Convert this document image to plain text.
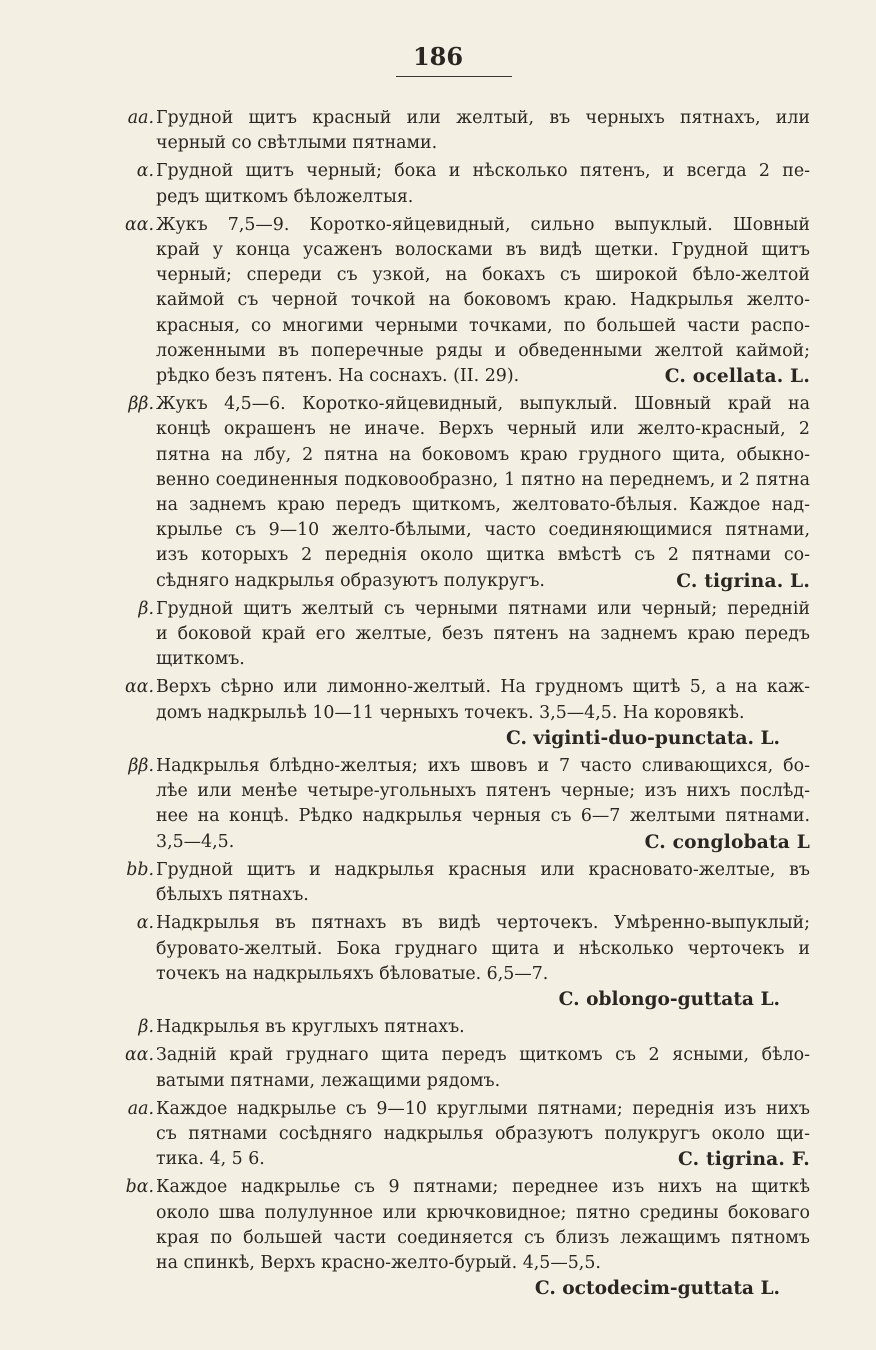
186
aa. Грудной щитъ красный или желтый, въ черныхъ пятнахъ, или
черный со свѣтлыми пятнами.
α. Грудной щитъ черный; бока и нѣсколько пятенъ, и всегда 2 пе-
редъ щиткомъ бѣложелтыя.
αα. Жукъ 7,5—9. Коротко-яйцевидный, сильно выпуклый. Шовный
край у конца усаженъ волосками въ видѣ щетки. Грудной щитъ
черный; спереди съ узкой, на бокахъ съ широкой бѣло-желтой
каймой съ черной точкой на боковомъ краю. Надкрылья желто-
красныя, со многими черными точками, по большей части распо-
ложенными въ поперечные ряды и обведенными желтой каймой;
рѣдко безъ пятенъ. На соснахъ. (II. 29).	C. ocellata. L.
ββ. Жукъ 4,5—6. Коротко-яйцевидный, выпуклый. Шовный край на
концѣ окрашенъ не иначе. Верхъ черный или желто-красный, 2
пятна на лбу, 2 пятна на боковомъ краю грудного щита, обыкно-
венно соединенныя подковообразно, 1 пятно на переднемъ, и 2 пятна
на заднемъ краю передъ щиткомъ, желтовато-бѣлыя. Каждое над-
крылье съ 9—10 желто-бѣлыми, часто соединяющимися пятнами,
изъ которыхъ 2 переднія около щитка вмѣстѣ съ 2 пятнами со-
сѣдняго надкрылья образуютъ полукругъ.	C. tigrina. L.
β. Грудной щитъ желтый съ черными пятнами или черный; передній
и боковой край его желтые, безъ пятенъ на заднемъ краю передъ
щиткомъ.
αα. Верхъ сѣрно или лимонно-желтый. На грудномъ щитѣ 5, а на каж-
домъ надкрыльѣ 10—11 черныхъ точекъ. 3,5—4,5. На коровякѣ.
C. viginti-duo-punctata. L.
ββ. Надкрылья блѣдно-желтыя; ихъ швовъ и 7 часто сливающихся, бо-
лѣе или менѣе четыре-угольныхъ пятенъ черные; изъ нихъ послѣд-
нее на концѣ. Рѣдко надкрылья черныя съ 6—7 желтыми пятнами.
3,5—4,5.	C. conglobata L
bb. Грудной щитъ и надкрылья красныя или красновато-желтые, въ
бѣлыхъ пятнахъ.
α. Надкрылья въ пятнахъ въ видѣ черточекъ. Умѣренно-выпуклый;
буровато-желтый. Бока груднаго щита и нѣсколько черточекъ и
точекъ на надкрыльяхъ бѣловатые. 6,5—7.
C. oblongo-guttata L.
β. Надкрылья въ круглыхъ пятнахъ.
αα. Задній край груднаго щита передъ щиткомъ съ 2 ясными, бѣло-
ватыми пятнами, лежащими рядомъ.
aa. Каждое надкрылье съ 9—10 круглыми пятнами; переднія изъ нихъ
съ пятнами сосѣдняго надкрылья образуютъ полукругъ около щи-
тика. 4, 5 6.	C. tigrina. F.
bα. Каждое надкрылье съ 9 пятнами; переднее изъ нихъ на щиткѣ
около шва полулунное или крючковидное; пятно средины боковаго
края по большей части соединяется съ близъ лежащимъ пятномъ
на спинкѣ, Верхъ красно-желто-бурый. 4,5—5,5.
C. octodecim-guttata L.
